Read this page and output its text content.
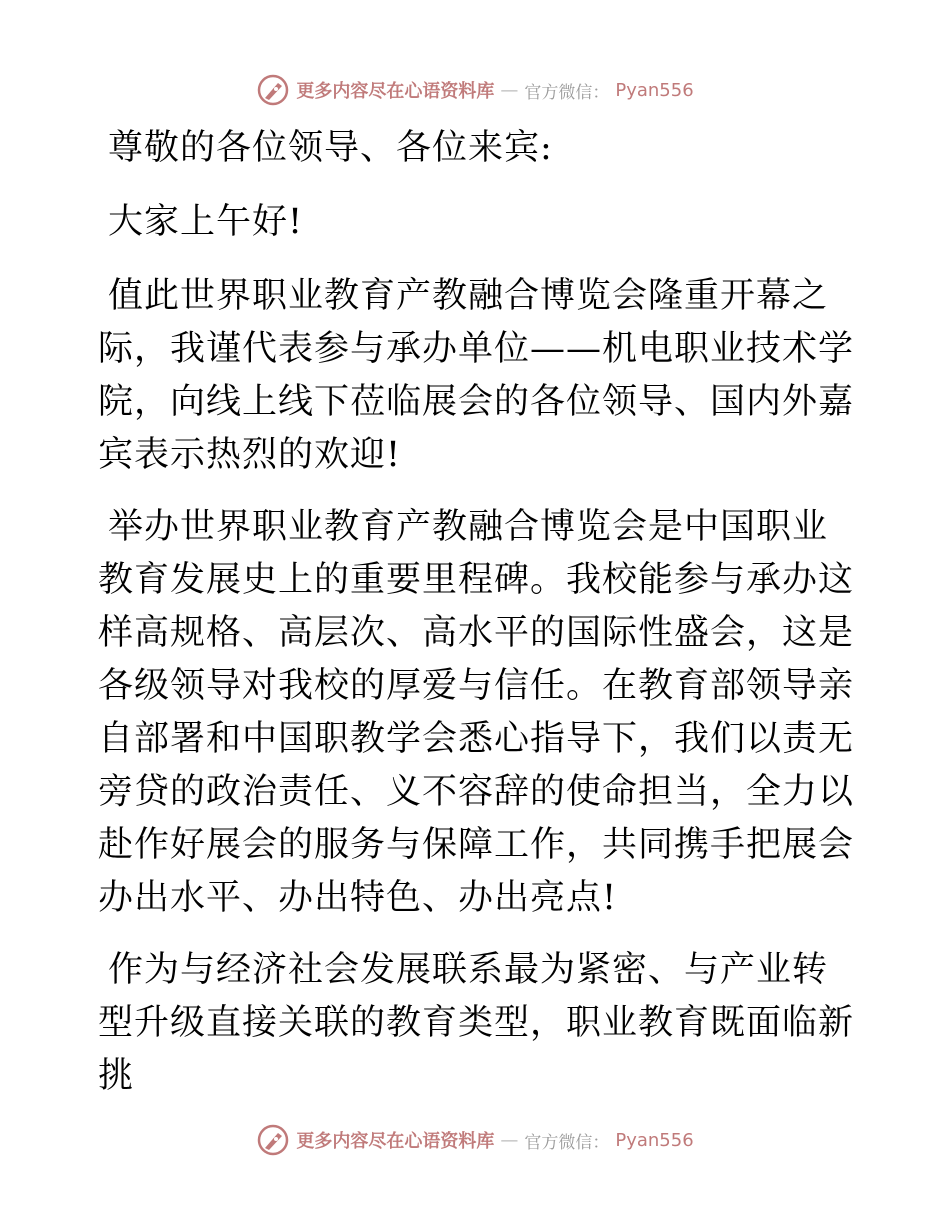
更多内容尽在心语资料库 — 官方微信： Pyan556

尊敬的各位领导、各位来宾:

大家上午好!

值此世界职业教育产教融合博览会隆重开幕之际，我谨代表参与承办单位——机电职业技术学院，向线上线下莅临展会的各位领导、国内外嘉宾表示热烈的欢迎!

举办世界职业教育产教融合博览会是中国职业教育发展史上的重要里程碑。我校能参与承办这样高规格、高层次、高水平的国际性盛会，这是各级领导对我校的厚爱与信任。在教育部领导亲自部署和中国职教学会悉心指导下，我们以责无旁贷的政治责任、义不容辞的使命担当，全力以赴作好展会的服务与保障工作，共同携手把展会办出水平、办出特色、办出亮点!

作为与经济社会发展联系最为紧密、与产业转型升级直接关联的教育类型，职业教育既面临新挑

更多内容尽在心语资料库 — 官方微信： Pyan556
